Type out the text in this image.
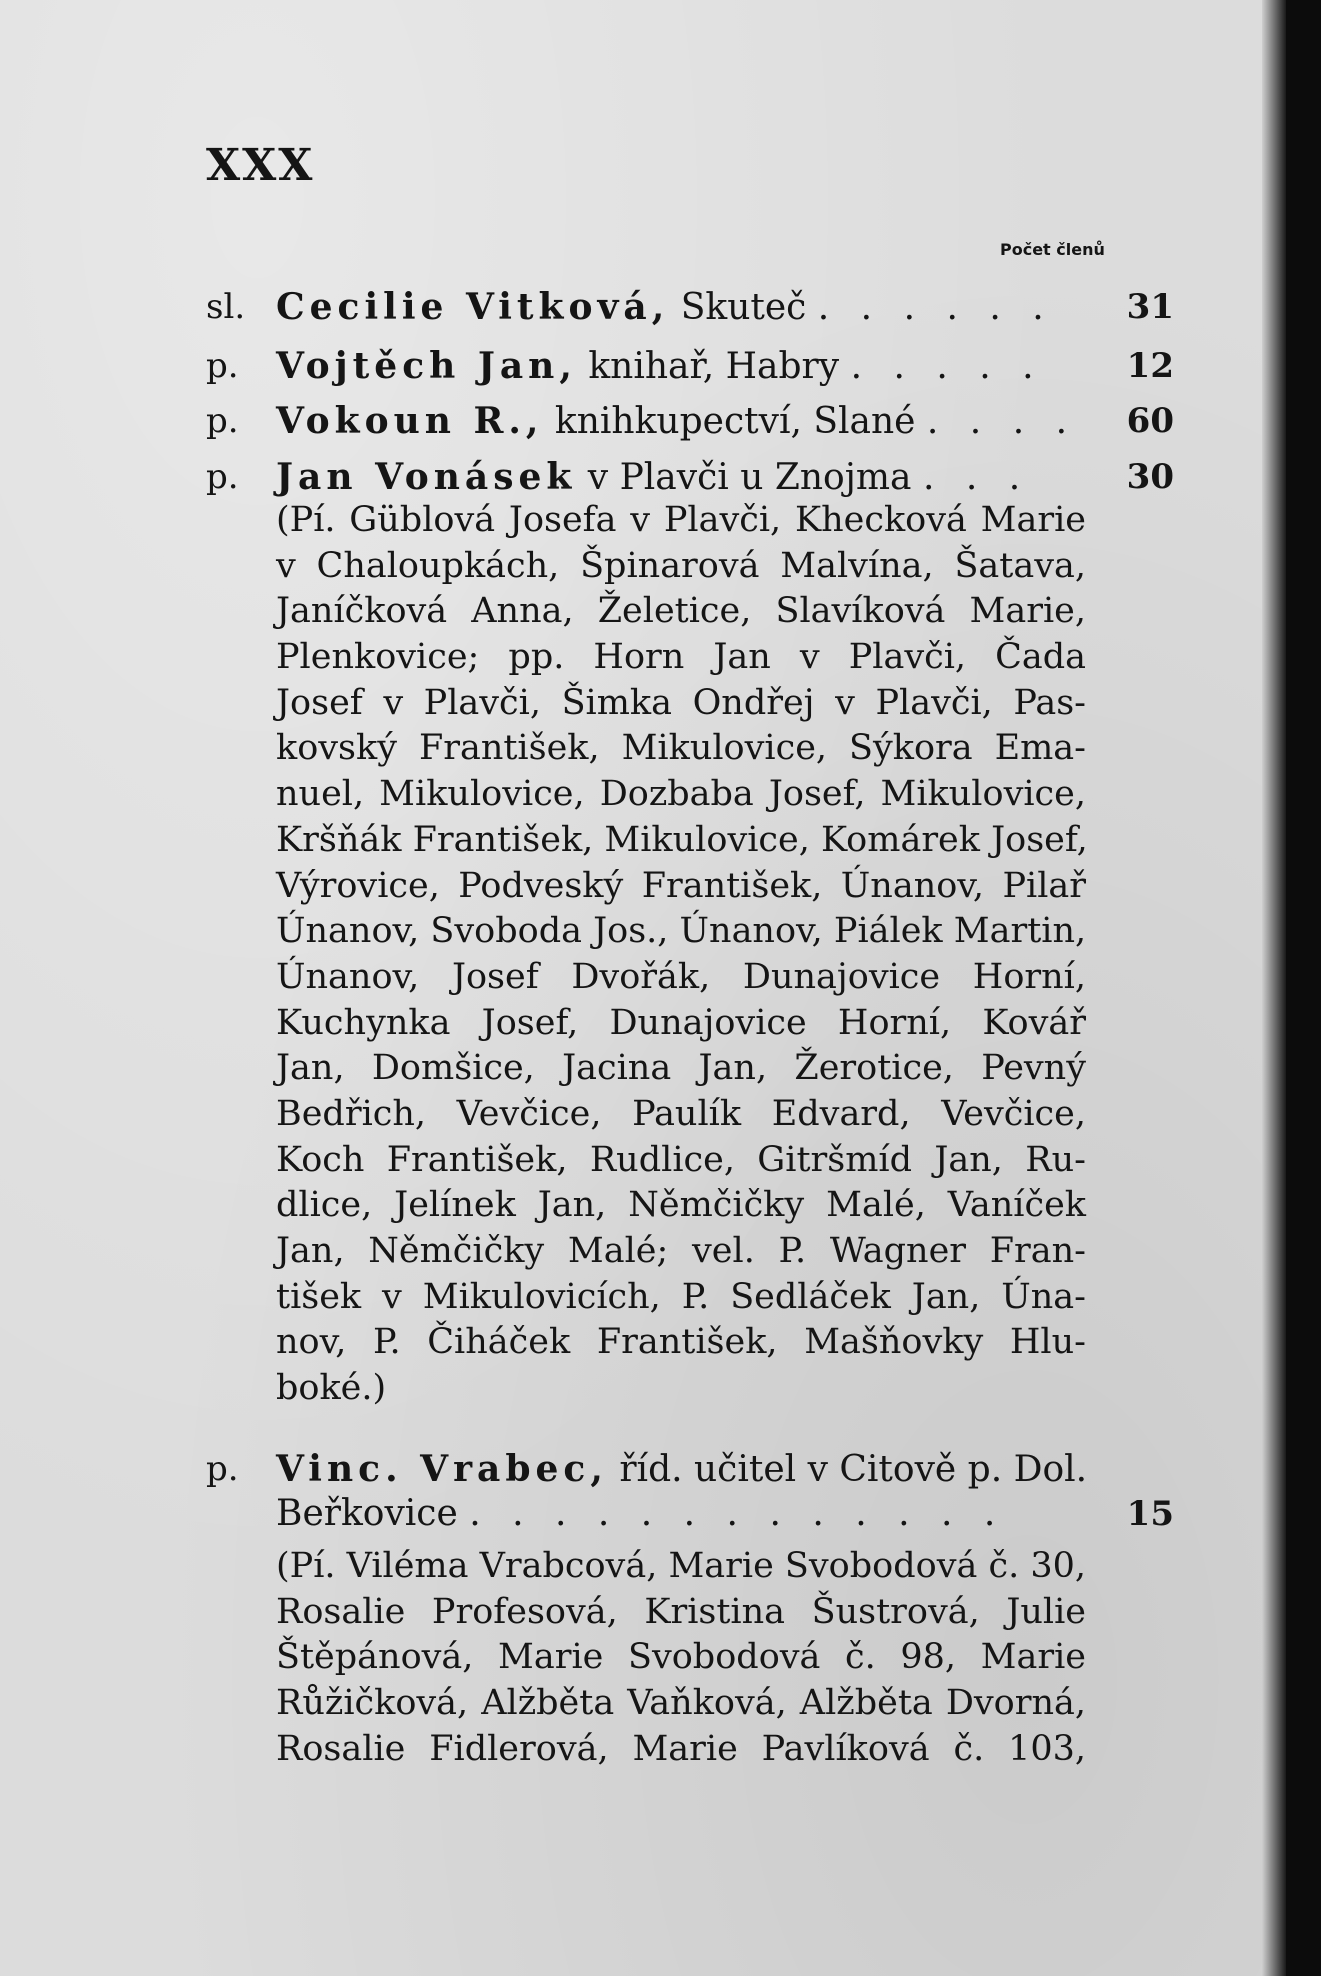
XXX
Počet členů
sl. Cecilie Vitková, Skuteč . . . . . . 31
p. Vojtěch Jan, knihař, Habry . . . . . 12
p. Vokoun R., knihkupectví, Slané . . . . 60
p. Jan Vonásek v Plavči u Znojma . . .	30
(Pí. Güblová Josefa v Plavči, Khecková Marie
v Chaloupkách, Špinarová Malvína, Šatava,
Janíčková Anna, Želetice, Slavíková Marie,
Plenkovice; pp. Horn Jan v Plavči, Čada
Josef v Plavči, Šimka Ondřej v Plavči, Pas-
kovský František, Mikulovice, Sýkora Ema-
nuel, Mikulovice, Dozbaba Josef, Mikulovice,
Kršňák František, Mikulovice, Komárek Josef,
Výrovice, Podveský František, Únanov, Pilař
Únanov, Svoboda Jos., Únanov, Piálek Martin,
Únanov, Josef Dvořák, Dunajovice Horní,
Kuchynka Josef, Dunajovice Horní, Kovář
Jan, Domšice, Jacina Jan, Žerotice, Pevný
Bedřich, Vevčice, Paulík Edvard, Vevčice,
Koch František, Rudlice, Gitršmíd Jan, Ru-
dlice, Jelínek Jan, Němčičky Malé, Vaníček
Jan, Němčičky Malé; vel. P. Wagner Fran-
tišek v Mikulovicích, P. Sedláček Jan, Úna-
nov, P. Čiháček František, Mašňovky Hlu-
boké.)
p. Vinc. Vrabec, říd. učitel v Citově p. Dol.
Beřkovice . . . . . . . . . . . . .	15
(Pí. Viléma Vrabcová, Marie Svobodová č. 30,
Rosalie Profesová, Kristina Šustrová, Julie
Štěpánová, Marie Svobodová č. 98, Marie
Růžičková, Alžběta Vaňková, Alžběta Dvorná,
Rosalie Fidlerová, Marie Pavlíková č. 103,
